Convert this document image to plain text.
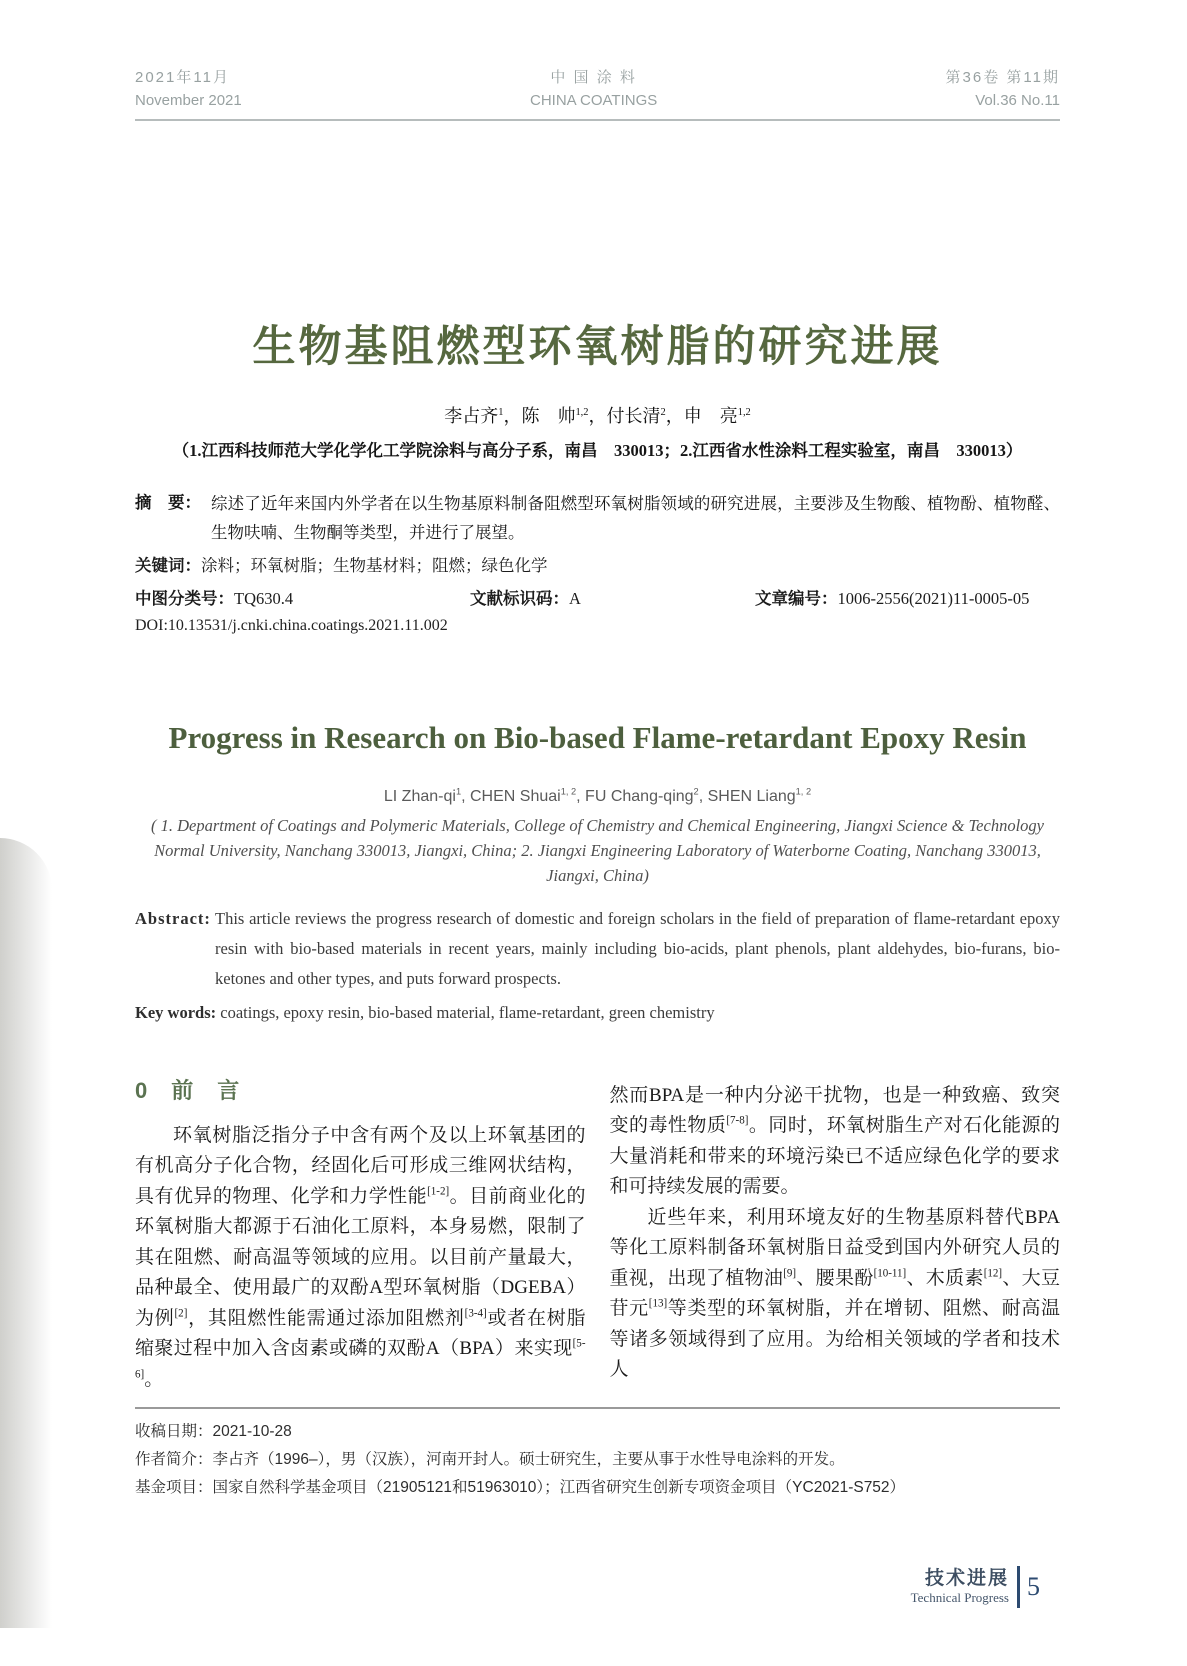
2021年11月
November 2021
中 国 涂 料
CHINA COATINGS
第36卷 第11期
Vol.36 No.11
生物基阻燃型环氧树脂的研究进展
李占齐$^1$，陈　帅$^{1,2}$，付长清$^2$，申　亮$^{1,2}$
（1.江西科技师范大学化学化工学院涂料与高分子系，南昌　330013；2.江西省水性涂料工程实验室，南昌　330013）
摘　要： 综述了近年来国内外学者在以生物基原料制备阻燃型环氧树脂领域的研究进展，主要涉及生物酸、植物酚、植物醛、生物呋喃、生物酮等类型，并进行了展望。
关键词：涂料；环氧树脂；生物基材料；阻燃；绿色化学
中图分类号：TQ630.4	文献标识码：A	文章编号：1006-2556(2021)11-0005-05
DOI:10.13531/j.cnki.china.coatings.2021.11.002
Progress in Research on Bio-based Flame-retardant Epoxy Resin
LI Zhan-$qi^1$, CHEN Shuai$^{1, 2}$, FU Chang-qing$^2$, SHEN Liang$^{1, 2}$
( 1. Department of Coatings and Polymeric Materials, College of Chemistry and Chemical Engineering, Jiangxi Science & Technology Normal University, Nanchang 330013, Jiangxi, China; 2. Jiangxi Engineering Laboratory of Waterborne Coating, Nanchang 330013, Jiangxi, China)
Abstract: This article reviews the progress research of domestic and foreign scholars in the field of preparation of flame-retardant epoxy resin with bio-based materials in recent years, mainly including bio-acids, plant phenols, plant aldehydes, bio-furans, bio-ketones and other types, and puts forward prospects.
Key words: coatings, epoxy resin, bio-based material, flame-retardant, green chemistry
0　前　言

环氧树脂泛指分子中含有两个及以上环氧基团的有机高分子化合物，经固化后可形成三维网状结构，具有优异的物理、化学和力学性能[1-2]。目前商业化的环氧树脂大都源于石油化工原料，本身易燃，限制了其在阻燃、耐高温等领域的应用。以目前产量最大，品种最全、使用最广的双酚A型环氧树脂（DGEBA）为例[2]，其阻燃性能需通过添加阻燃剂[3-4]或者在树脂缩聚过程中加入含卤素或磷的双酚A（BPA）来实现[5-6]。

然而BPA是一种内分泌干扰物，也是一种致癌、致突变的毒性物质[7-8]。同时，环氧树脂生产对石化能源的大量消耗和带来的环境污染已不适应绿色化学的要求和可持续发展的需要。

近些年来，利用环境友好的生物基原料替代BPA等化工原料制备环氧树脂日益受到国内外研究人员的重视，出现了植物油[9]、腰果酚[10-11]、木质素[12]、大豆苷元[13]等类型的环氧树脂，并在增韧、阻燃、耐高温等诸多领域得到了应用。为给相关领域的学者和技术人

收稿日期：2021-10-28
作者简介：李占齐（1996–），男（汉族），河南开封人。硕士研究生，主要从事于水性导电涂料的开发。
基金项目：国家自然科学基金项目（21905121和51963010）；江西省研究生创新专项资金项目（YC2021-S752）
技术进展
Technical Progress 5
